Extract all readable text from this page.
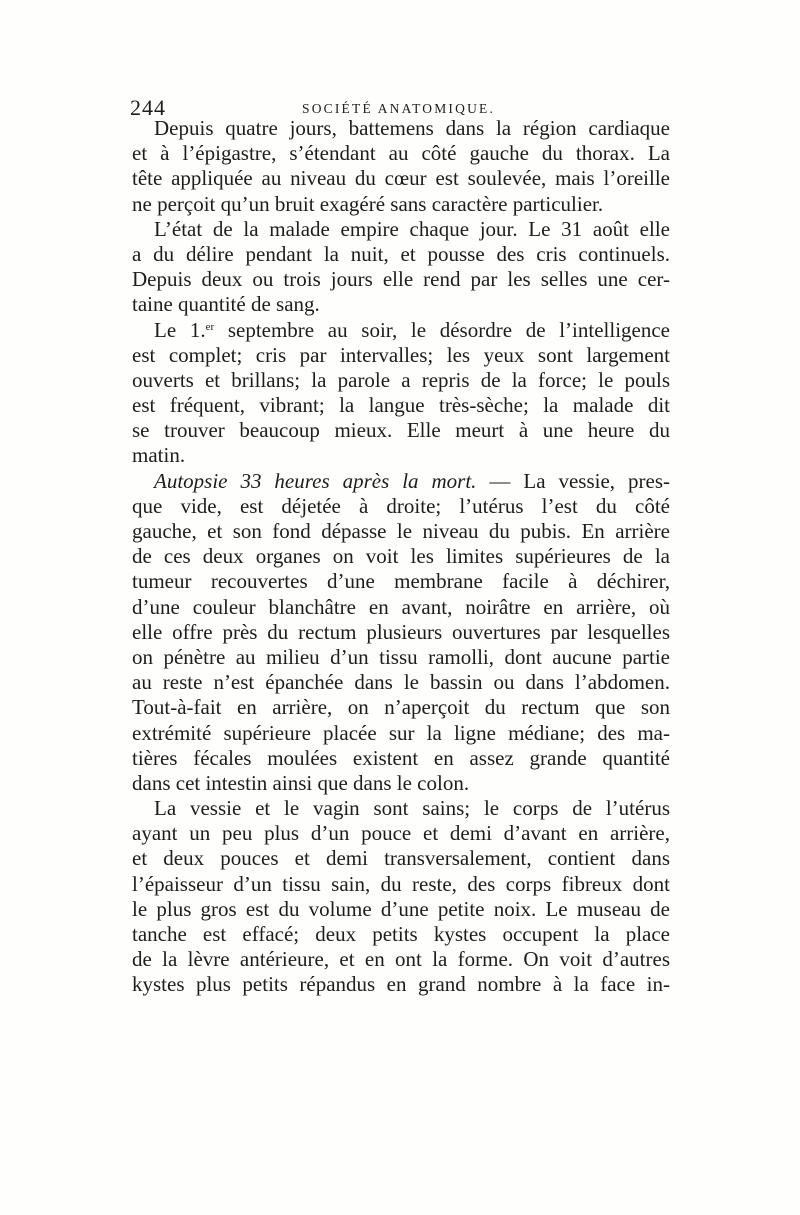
244	SOCIÉTÉ ANATOMIQUE.
Depuis quatre jours, battemens dans la région cardiaque
et à l’épigastre, s’étendant au côté gauche du thorax. La
tête appliquée au niveau du cœur est soulevée, mais l’oreille
ne perçoit qu’un bruit exagéré sans caractère particulier.
L’état de la malade empire chaque jour. Le 31 août elle
a du délire pendant la nuit, et pousse des cris continuels.
Depuis deux ou trois jours elle rend par les selles une cer-
taine quantité de sang.
Le 1.$^{er}$ septembre au soir, le désordre de l’intelligence
est complet; cris par intervalles; les yeux sont largement
ouverts et brillans; la parole a repris de la force; le pouls
est fréquent, vibrant; la langue très-sèche; la malade dit
se trouver beaucoup mieux. Elle meurt à une heure du
matin.
Autopsie 33 heures après la mort. — La vessie, pres-
que vide, est déjetée à droite; l’utérus l’est du côté
gauche, et son fond dépasse le niveau du pubis. En arrière
de ces deux organes on voit les limites supérieures de la
tumeur recouvertes d’une membrane facile à déchirer,
d’une couleur blanchâtre en avant, noirâtre en arrière, où
elle offre près du rectum plusieurs ouvertures par lesquelles
on pénètre au milieu d’un tissu ramolli, dont aucune partie
au reste n’est épanchée dans le bassin ou dans l’abdomen.
Tout-à-fait en arrière, on n’aperçoit du rectum que son
extrémité supérieure placée sur la ligne médiane; des ma-
tières fécales moulées existent en assez grande quantité
dans cet intestin ainsi que dans le colon.
La vessie et le vagin sont sains; le corps de l’utérus
ayant un peu plus d’un pouce et demi d’avant en arrière,
et deux pouces et demi transversalement, contient dans
l’épaisseur d’un tissu sain, du reste, des corps fibreux dont
le plus gros est du volume d’une petite noix. Le museau de
tanche est effacé; deux petits kystes occupent la place
de la lèvre antérieure, et en ont la forme. On voit d’autres
kystes plus petits répandus en grand nombre à la face in-
